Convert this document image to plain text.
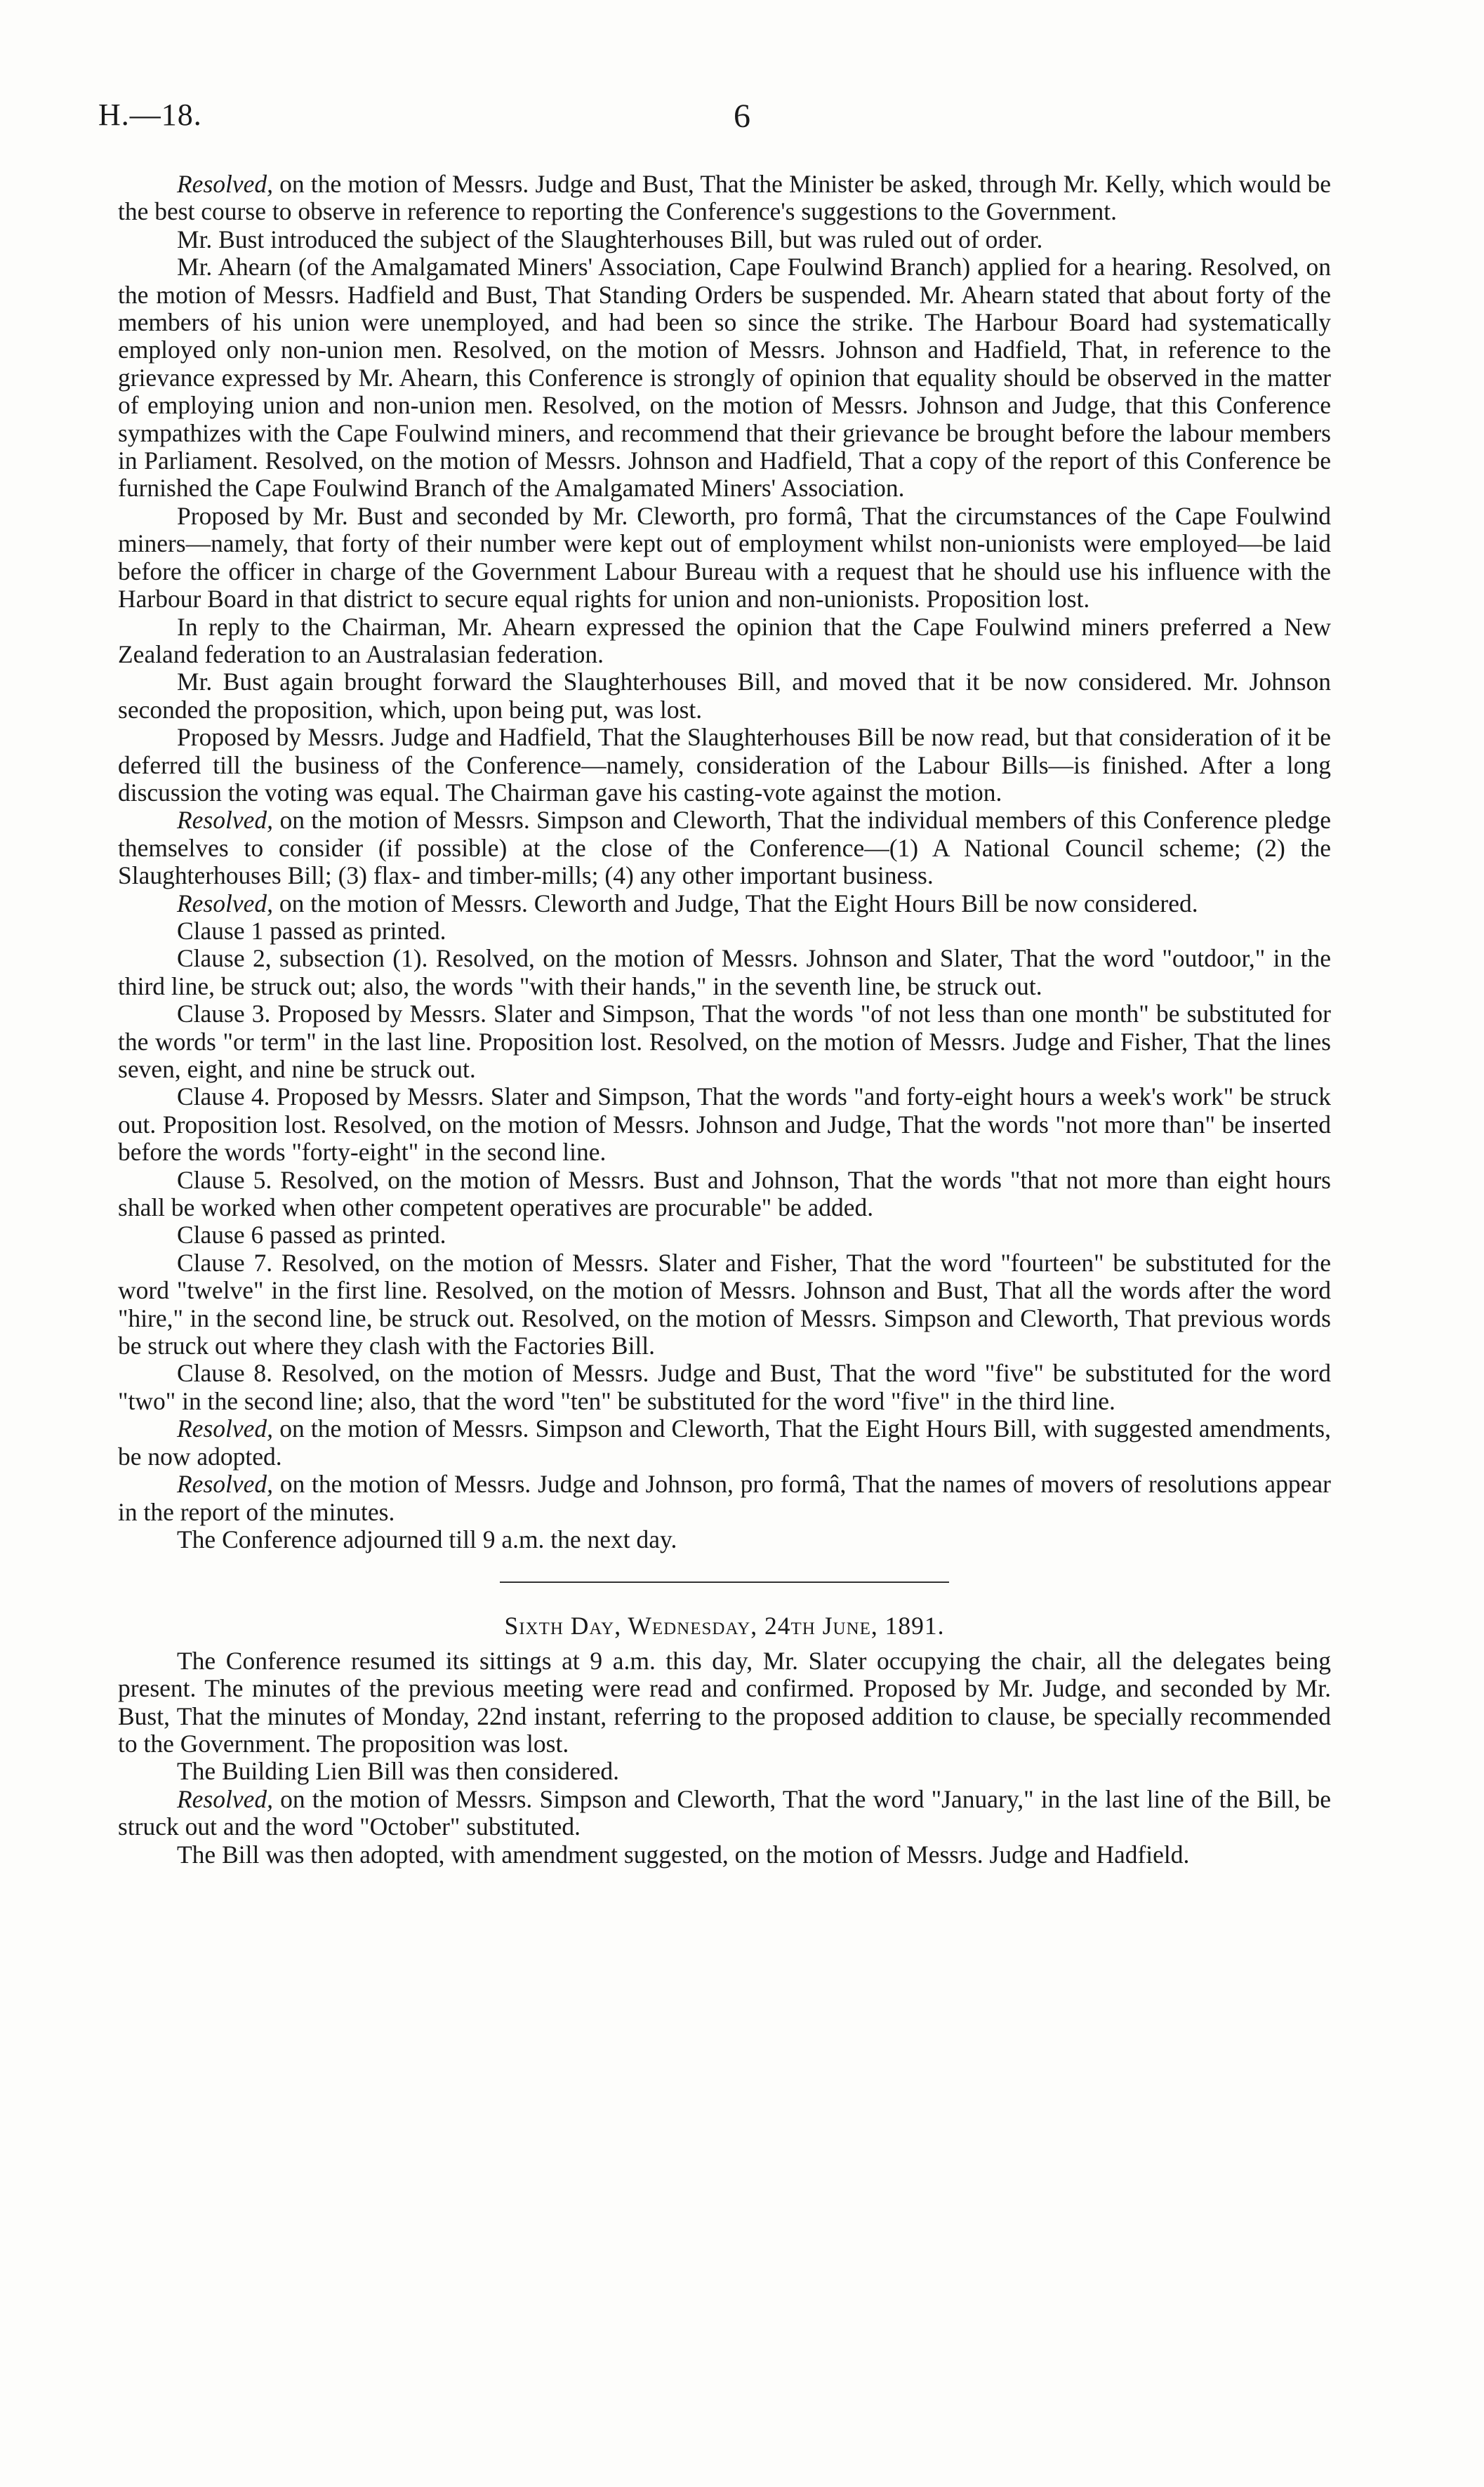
H.—18.	6

Resolved, on the motion of Messrs. Judge and Bust, That the Minister be asked, through Mr. Kelly, which would be the best course to observe in reference to reporting the Conference's suggestions to the Government.

Mr. Bust introduced the subject of the Slaughterhouses Bill, but was ruled out of order.

Mr. Ahearn (of the Amalgamated Miners' Association, Cape Foulwind Branch) applied for a hearing. Resolved, on the motion of Messrs. Hadfield and Bust, That Standing Orders be suspended. Mr. Ahearn stated that about forty of the members of his union were unemployed, and had been so since the strike. The Harbour Board had systematically employed only non-union men. Resolved, on the motion of Messrs. Johnson and Hadfield, That, in reference to the grievance expressed by Mr. Ahearn, this Conference is strongly of opinion that equality should be observed in the matter of employing union and non-union men. Resolved, on the motion of Messrs. Johnson and Judge, that this Conference sympathizes with the Cape Foulwind miners, and recommend that their grievance be brought before the labour members in Parliament. Resolved, on the motion of Messrs. Johnson and Hadfield, That a copy of the report of this Conference be furnished the Cape Foulwind Branch of the Amalgamated Miners' Association.

Proposed by Mr. Bust and seconded by Mr. Cleworth, pro formâ, That the circumstances of the Cape Foulwind miners—namely, that forty of their number were kept out of employment whilst non-unionists were employed—be laid before the officer in charge of the Government Labour Bureau with a request that he should use his influence with the Harbour Board in that district to secure equal rights for union and non-unionists. Proposition lost.

In reply to the Chairman, Mr. Ahearn expressed the opinion that the Cape Foulwind miners preferred a New Zealand federation to an Australasian federation.

Mr. Bust again brought forward the Slaughterhouses Bill, and moved that it be now considered. Mr. Johnson seconded the proposition, which, upon being put, was lost.

Proposed by Messrs. Judge and Hadfield, That the Slaughterhouses Bill be now read, but that consideration of it be deferred till the business of the Conference—namely, consideration of the Labour Bills—is finished. After a long discussion the voting was equal. The Chairman gave his casting-vote against the motion.

Resolved, on the motion of Messrs. Simpson and Cleworth, That the individual members of this Conference pledge themselves to consider (if possible) at the close of the Conference—(1) A National Council scheme; (2) the Slaughterhouses Bill; (3) flax- and timber-mills; (4) any other important business.

Resolved, on the motion of Messrs. Cleworth and Judge, That the Eight Hours Bill be now considered.

Clause 1 passed as printed.

Clause 2, subsection (1). Resolved, on the motion of Messrs. Johnson and Slater, That the word "outdoor," in the third line, be struck out; also, the words "with their hands," in the seventh line, be struck out.

Clause 3. Proposed by Messrs. Slater and Simpson, That the words "of not less than one month" be substituted for the words "or term" in the last line. Proposition lost. Resolved, on the motion of Messrs. Judge and Fisher, That the lines seven, eight, and nine be struck out.

Clause 4. Proposed by Messrs. Slater and Simpson, That the words "and forty-eight hours a week's work" be struck out. Proposition lost. Resolved, on the motion of Messrs. Johnson and Judge, That the words "not more than" be inserted before the words "forty-eight" in the second line.

Clause 5. Resolved, on the motion of Messrs. Bust and Johnson, That the words "that not more than eight hours shall be worked when other competent operatives are procurable" be added.

Clause 6 passed as printed.

Clause 7. Resolved, on the motion of Messrs. Slater and Fisher, That the word "fourteen" be substituted for the word "twelve" in the first line. Resolved, on the motion of Messrs. Johnson and Bust, That all the words after the word "hire," in the second line, be struck out. Resolved, on the motion of Messrs. Simpson and Cleworth, That previous words be struck out where they clash with the Factories Bill.

Clause 8. Resolved, on the motion of Messrs. Judge and Bust, That the word "five" be substituted for the word "two" in the second line; also, that the word "ten" be substituted for the word "five" in the third line.

Resolved, on the motion of Messrs. Simpson and Cleworth, That the Eight Hours Bill, with suggested amendments, be now adopted.

Resolved, on the motion of Messrs. Judge and Johnson, pro formâ, That the names of movers of resolutions appear in the report of the minutes.

The Conference adjourned till 9 a.m. the next day.

Sixth Day, Wednesday, 24th June, 1891.

The Conference resumed its sittings at 9 a.m. this day, Mr. Slater occupying the chair, all the delegates being present. The minutes of the previous meeting were read and confirmed. Proposed by Mr. Judge, and seconded by Mr. Bust, That the minutes of Monday, 22nd instant, referring to the proposed addition to clause, be specially recommended to the Government. The proposition was lost.

The Building Lien Bill was then considered.

Resolved, on the motion of Messrs. Simpson and Cleworth, That the word "January," in the last line of the Bill, be struck out and the word "October" substituted.

The Bill was then adopted, with amendment suggested, on the motion of Messrs. Judge and Hadfield.
